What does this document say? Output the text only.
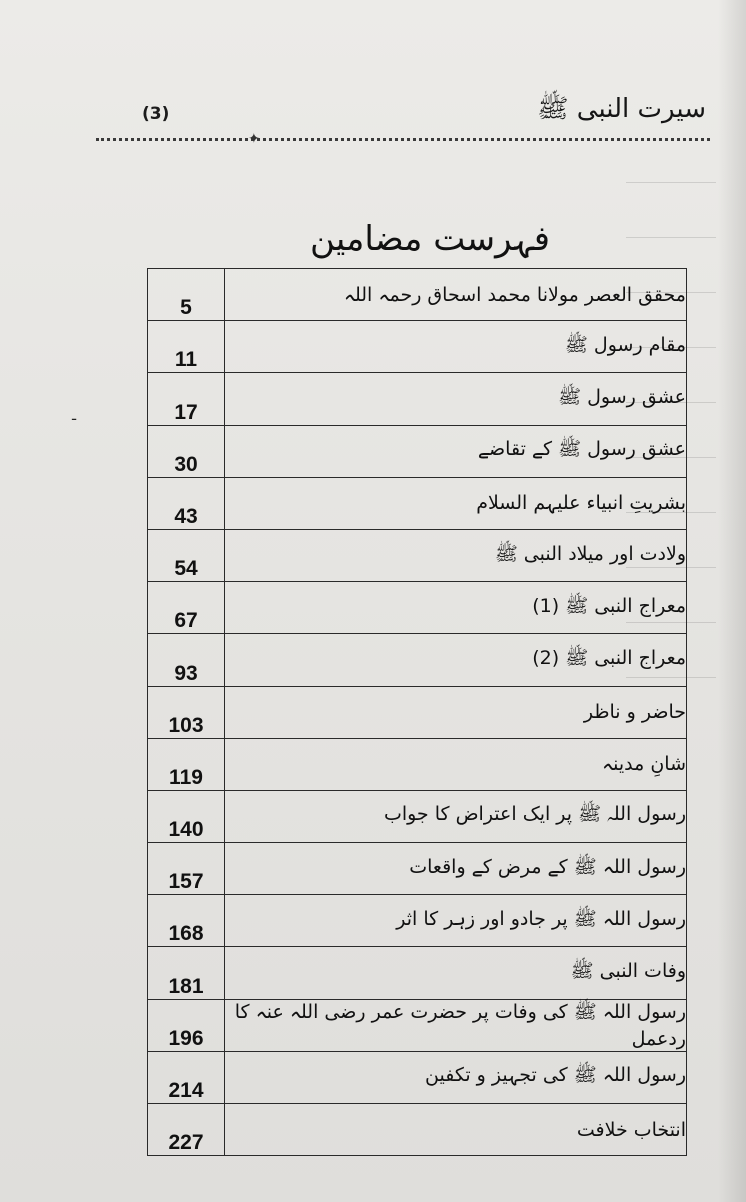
(3)	سیرت النبی ﷺ
✦
فہرست مضامین
5	محقق العصر مولانا محمد اسحاق رحمہ اللہ
11	مقام رسول ﷺ
17	عشق رسول ﷺ
30	عشق رسول ﷺ کے تقاضے
43	بشریتِ انبیاء علیہم السلام
54	ولادت اور میلاد النبی ﷺ
67	معراج النبی ﷺ (1)
93	معراج النبی ﷺ (2)
103	حاضر و ناظر
119	شانِ مدینہ
140	رسول اللہ ﷺ پر ایک اعتراض کا جواب
157	رسول اللہ ﷺ کے مرض کے واقعات
168	رسول اللہ ﷺ پر جادو اور زہر کا اثر
181	وفات النبی ﷺ
196	رسول اللہ ﷺ کی وفات پر حضرت عمر رضی اللہ عنہ کا ردعمل
214	رسول اللہ ﷺ کی تجہیز و تکفین
227	انتخاب خلافت
ـ
